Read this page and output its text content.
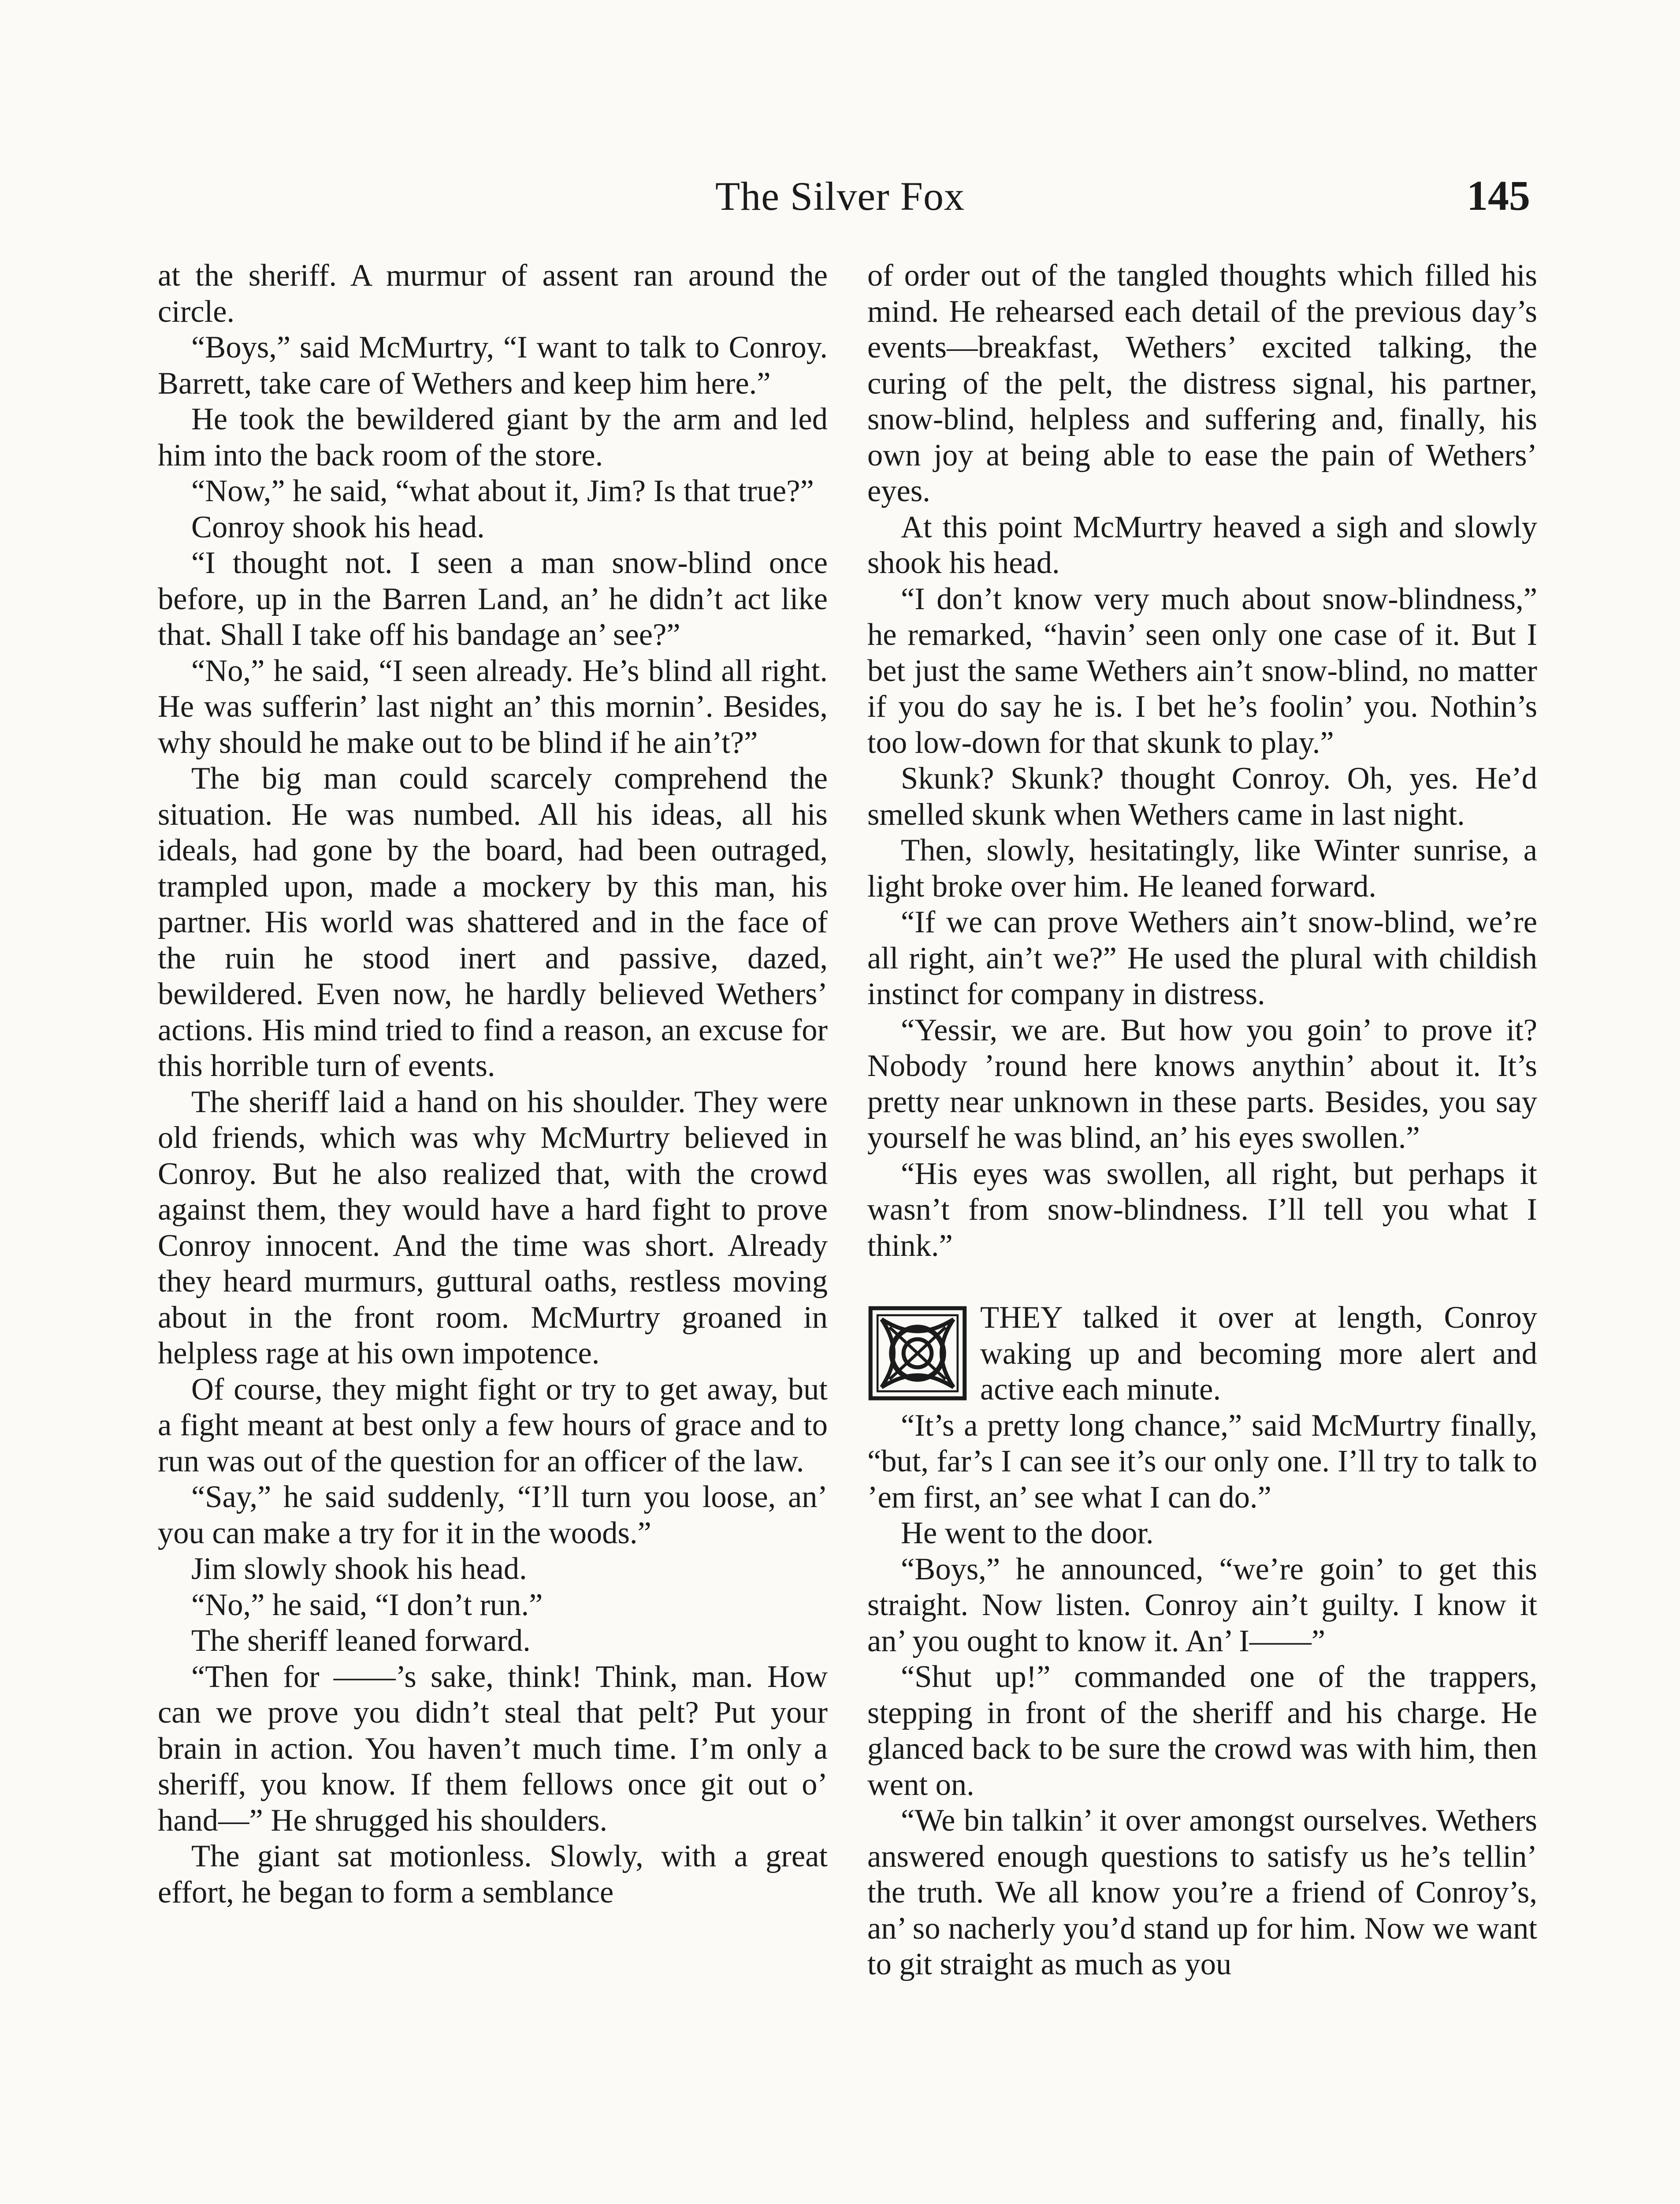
The Silver Fox	145

at the sheriff. A murmur of assent ran around the circle.

“Boys,” said McMurtry, “I want to talk to Conroy. Barrett, take care of Wethers and keep him here.”

He took the bewildered giant by the arm and led him into the back room of the store.

“Now,” he said, “what about it, Jim? Is that true?”

Conroy shook his head.

“I thought not. I seen a man snow-blind once before, up in the Barren Land, an’ he didn’t act like that. Shall I take off his bandage an’ see?”

“No,” he said, “I seen already. He’s blind all right. He was sufferin’ last night an’ this mornin’. Besides, why should he make out to be blind if he ain’t?”

The big man could scarcely comprehend the situation. He was numbed. All his ideas, all his ideals, had gone by the board, had been outraged, trampled upon, made a mockery by this man, his partner. His world was shattered and in the face of the ruin he stood inert and passive, dazed, bewildered. Even now, he hardly believed Wethers’ actions. His mind tried to find a reason, an excuse for this horrible turn of events.

The sheriff laid a hand on his shoulder. They were old friends, which was why McMurtry believed in Conroy. But he also realized that, with the crowd against them, they would have a hard fight to prove Conroy innocent. And the time was short. Already they heard murmurs, guttural oaths, restless moving about in the front room. McMurtry groaned in helpless rage at his own impotence.

Of course, they might fight or try to get away, but a fight meant at best only a few hours of grace and to run was out of the question for an officer of the law.

“Say,” he said suddenly, “I’ll turn you loose, an’ you can make a try for it in the woods.”

Jim slowly shook his head.

“No,” he said, “I don’t run.”

The sheriff leaned forward.

“Then for ——’s sake, think! Think, man. How can we prove you didn’t steal that pelt? Put your brain in action. You haven’t much time. I’m only a sheriff, you know. If them fellows once git out o’ hand—” He shrugged his shoulders.

The giant sat motionless. Slowly, with a great effort, he began to form a semblance

of order out of the tangled thoughts which filled his mind. He rehearsed each detail of the previous day’s events—breakfast, Wethers’ excited talking, the curing of the pelt, the distress signal, his partner, snow-blind, helpless and suffering and, finally, his own joy at being able to ease the pain of Wethers’ eyes.

At this point McMurtry heaved a sigh and slowly shook his head.

“I don’t know very much about snow-blindness,” he remarked, “havin’ seen only one case of it. But I bet just the same Wethers ain’t snow-blind, no matter if you do say he is. I bet he’s foolin’ you. Nothin’s too low-down for that skunk to play.”

Skunk? Skunk? thought Conroy. Oh, yes. He’d smelled skunk when Wethers came in last night.

Then, slowly, hesitatingly, like Winter sunrise, a light broke over him. He leaned forward.

“If we can prove Wethers ain’t snow-blind, we’re all right, ain’t we?” He used the plural with childish instinct for company in distress.

“Yessir, we are. But how you goin’ to prove it? Nobody ’round here knows anythin’ about it. It’s pretty near unknown in these parts. Besides, you say yourself he was blind, an’ his eyes swollen.”

“His eyes was swollen, all right, but perhaps it wasn’t from snow-blindness. I’ll tell you what I think.”

THEY talked it over at length, Conroy waking up and becoming more alert and active each minute.

“It’s a pretty long chance,” said McMurtry finally, “but, far’s I can see it’s our only one. I’ll try to talk to ’em first, an’ see what I can do.”

He went to the door.

“Boys,” he announced, “we’re goin’ to get this straight. Now listen. Conroy ain’t guilty. I know it an’ you ought to know it. An’ I——”

“Shut up!” commanded one of the trappers, stepping in front of the sheriff and his charge. He glanced back to be sure the crowd was with him, then went on.

“We bin talkin’ it over amongst ourselves. Wethers answered enough questions to satisfy us he’s tellin’ the truth. We all know you’re a friend of Conroy’s, an’ so nacherly you’d stand up for him. Now we want to git straight as much as you
